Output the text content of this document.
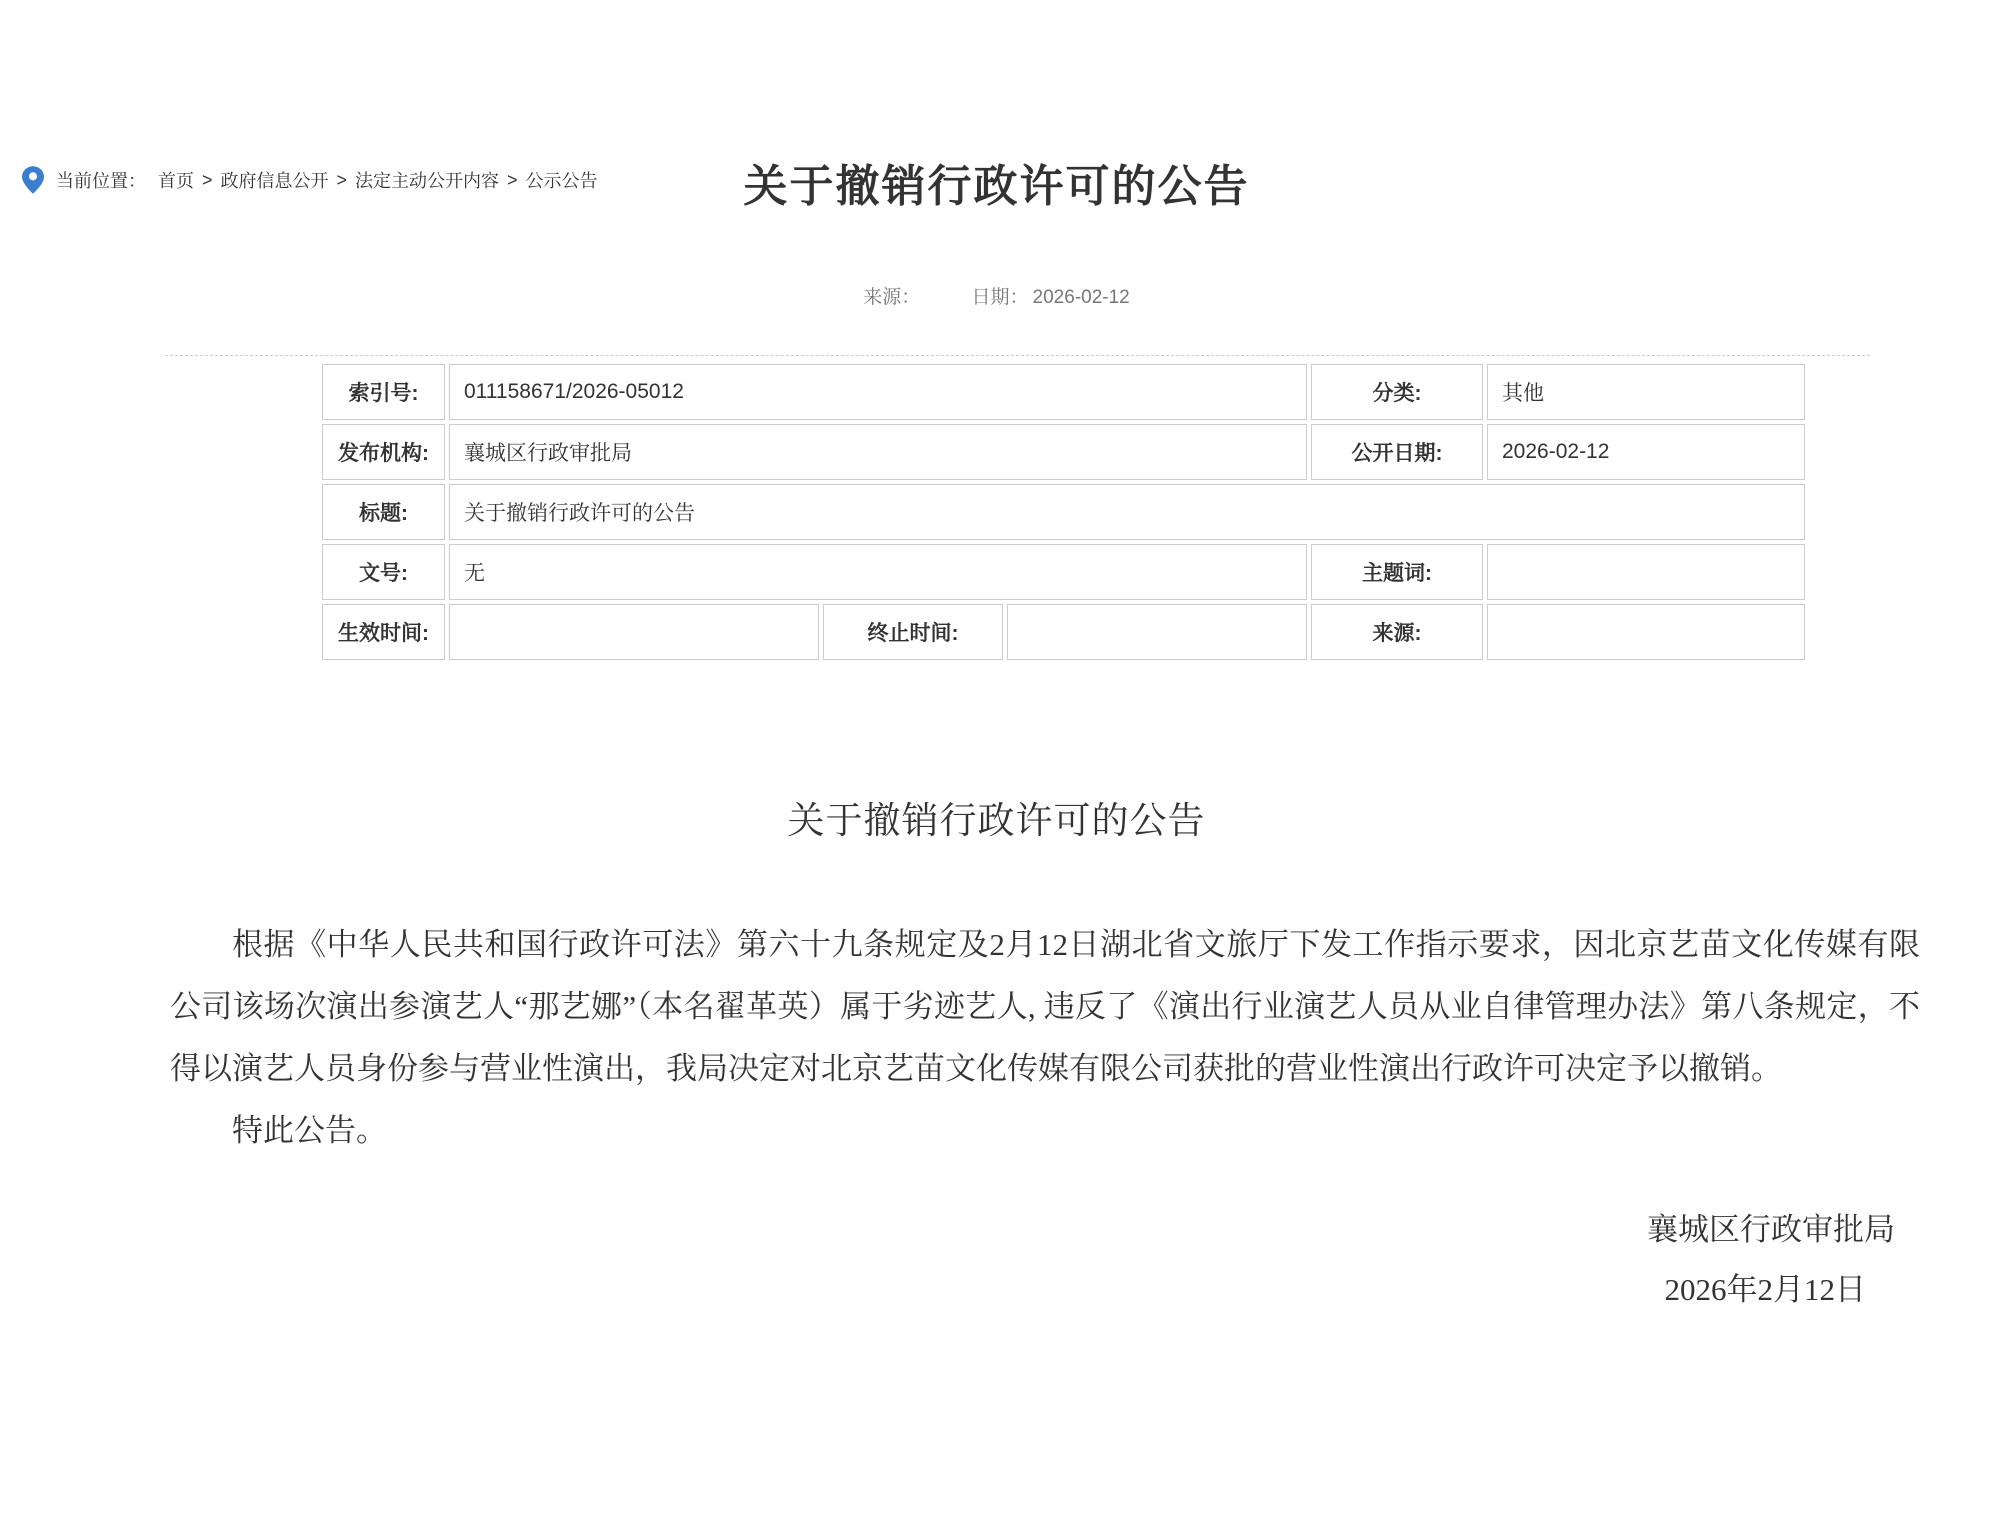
当前位置： 首页 > 政府信息公开 > 法定主动公开内容 > 公示公告	关于撤销行政许可的公告
来源：	日期： 2026-02-12
索引号:	011158671/2026-05012			分类:	其他
发布机构:	襄城区行政审批局			公开日期:	2026-02-12
标题:	关于撤销行政许可的公告				
文号:	无			主题词:	
生效时间:		终止时间:		来源:	
关于撤销行政许可的公告

根据《中华人民共和国行政许可法》第六十九条规定及2月12日湖北省文旅厅下发工作指示要求，因北京艺苗文化传媒有限公司该场次演出参演艺人“那艺娜”（本名翟革英）属于劣迹艺人, 违反了《演出行业演艺人员从业自律管理办法》第八条规定，不得以演艺人员身份参与营业性演出，我局决定对北京艺苗文化传媒有限公司获批的营业性演出行政许可决定予以撤销。

特此公告。

襄城区行政审批局
2026年2月12日
